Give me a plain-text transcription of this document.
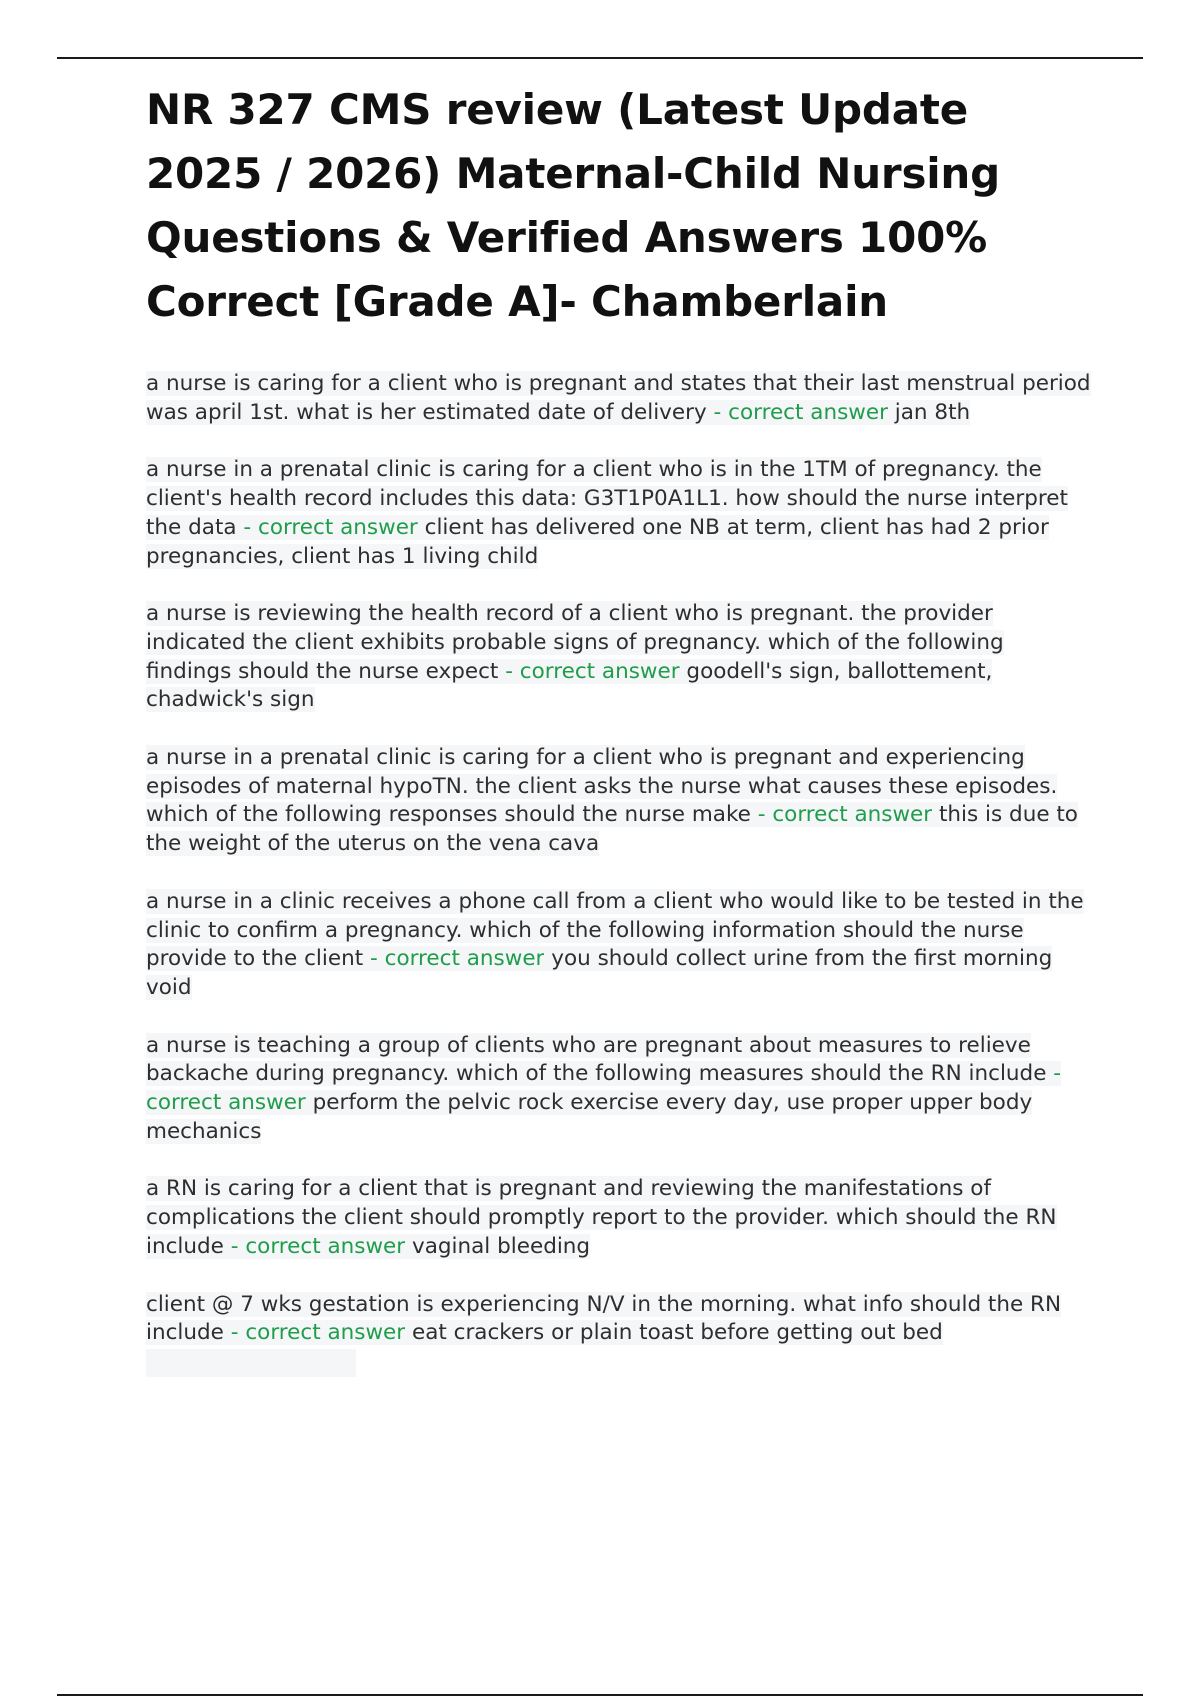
NR 327 CMS review (Latest Update 2025 / 2026) Maternal-Child Nursing Questions & Verified Answers 100% Correct [Grade A]- Chamberlain

a nurse is caring for a client who is pregnant and states that their last menstrual period was april 1st. what is her estimated date of delivery - correct answer jan 8th

a nurse in a prenatal clinic is caring for a client who is in the 1TM of pregnancy. the client's health record includes this data: G3T1P0A1L1. how should the nurse interpret the data - correct answer client has delivered one NB at term, client has had 2 prior pregnancies, client has 1 living child

a nurse is reviewing the health record of a client who is pregnant. the provider indicated the client exhibits probable signs of pregnancy. which of the following findings should the nurse expect - correct answer goodell's sign, ballottement, chadwick's sign

a nurse in a prenatal clinic is caring for a client who is pregnant and experiencing episodes of maternal hypoTN. the client asks the nurse what causes these episodes. which of the following responses should the nurse make - correct answer this is due to the weight of the uterus on the vena cava

a nurse in a clinic receives a phone call from a client who would like to be tested in the clinic to confirm a pregnancy. which of the following information should the nurse provide to the client - correct answer you should collect urine from the first morning void

a nurse is teaching a group of clients who are pregnant about measures to relieve backache during pregnancy. which of the following measures should the RN include - correct answer perform the pelvic rock exercise every day, use proper upper body mechanics

a RN is caring for a client that is pregnant and reviewing the manifestations of complications the client should promptly report to the provider. which should the RN include - correct answer vaginal bleeding

client @ 7 wks gestation is experiencing N/V in the morning. what info should the RN include - correct answer eat crackers or plain toast before getting out bed
